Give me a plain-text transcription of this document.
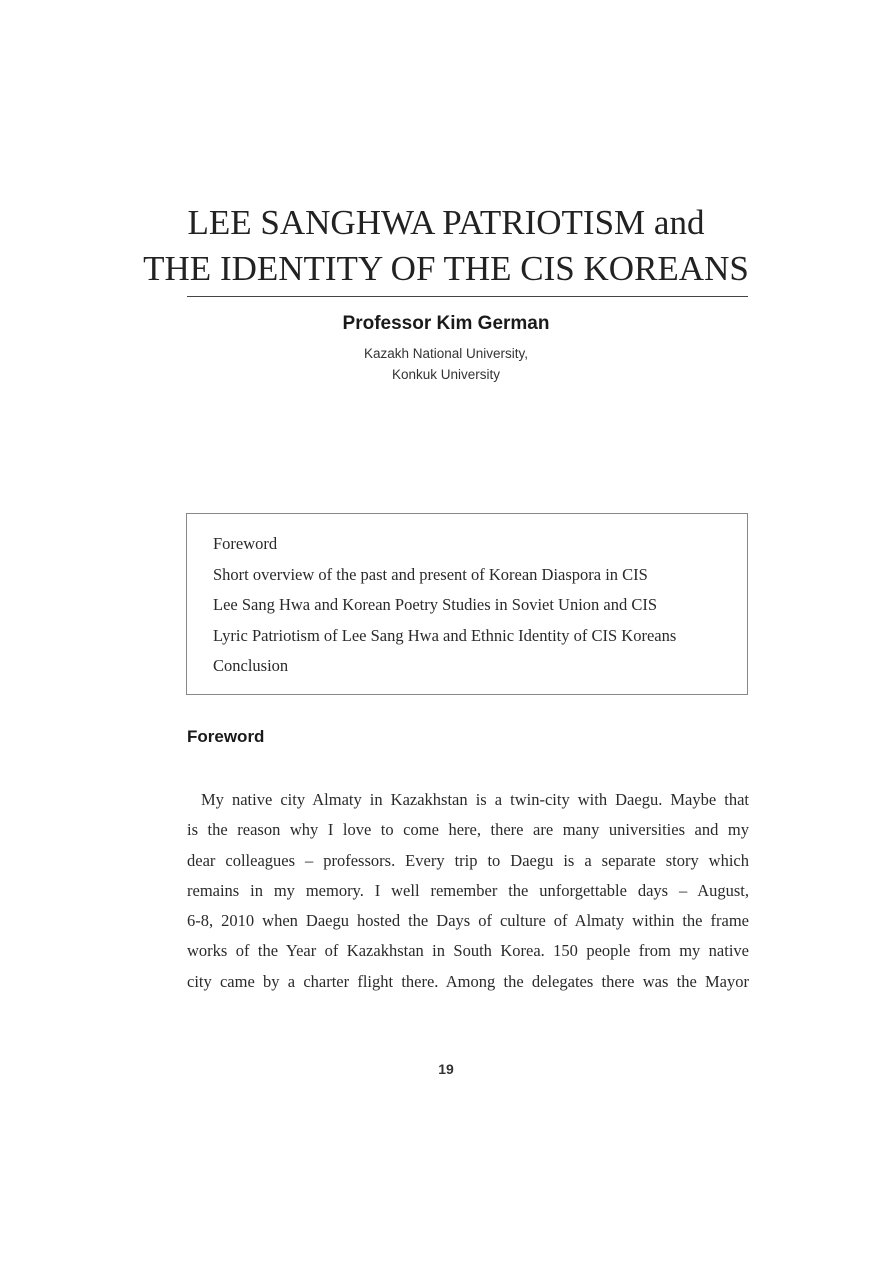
LEE SANGHWA PATRIOTISM and
THE IDENTITY OF THE CIS KOREANS
Professor Kim German
Kazakh National University,
Konkuk University
Foreword
Short overview of the past and present of Korean Diaspora in CIS
Lee Sang Hwa and Korean Poetry Studies in Soviet Union and CIS
Lyric Patriotism of Lee Sang Hwa and Ethnic Identity of CIS Koreans
Conclusion
Foreword
My native city Almaty in Kazakhstan is a twin-city with Daegu. Maybe that
is the reason why I love to come here, there are many universities and my
dear colleagues – professors. Every trip to Daegu is a separate story which
remains in my memory. I well remember the unforgettable days – August,
6-8, 2010 when Daegu hosted the Days of culture of Almaty within the frame
works of the Year of Kazakhstan in South Korea. 150 people from my native
city came by a charter flight there. Among the delegates there was the Mayor
19
